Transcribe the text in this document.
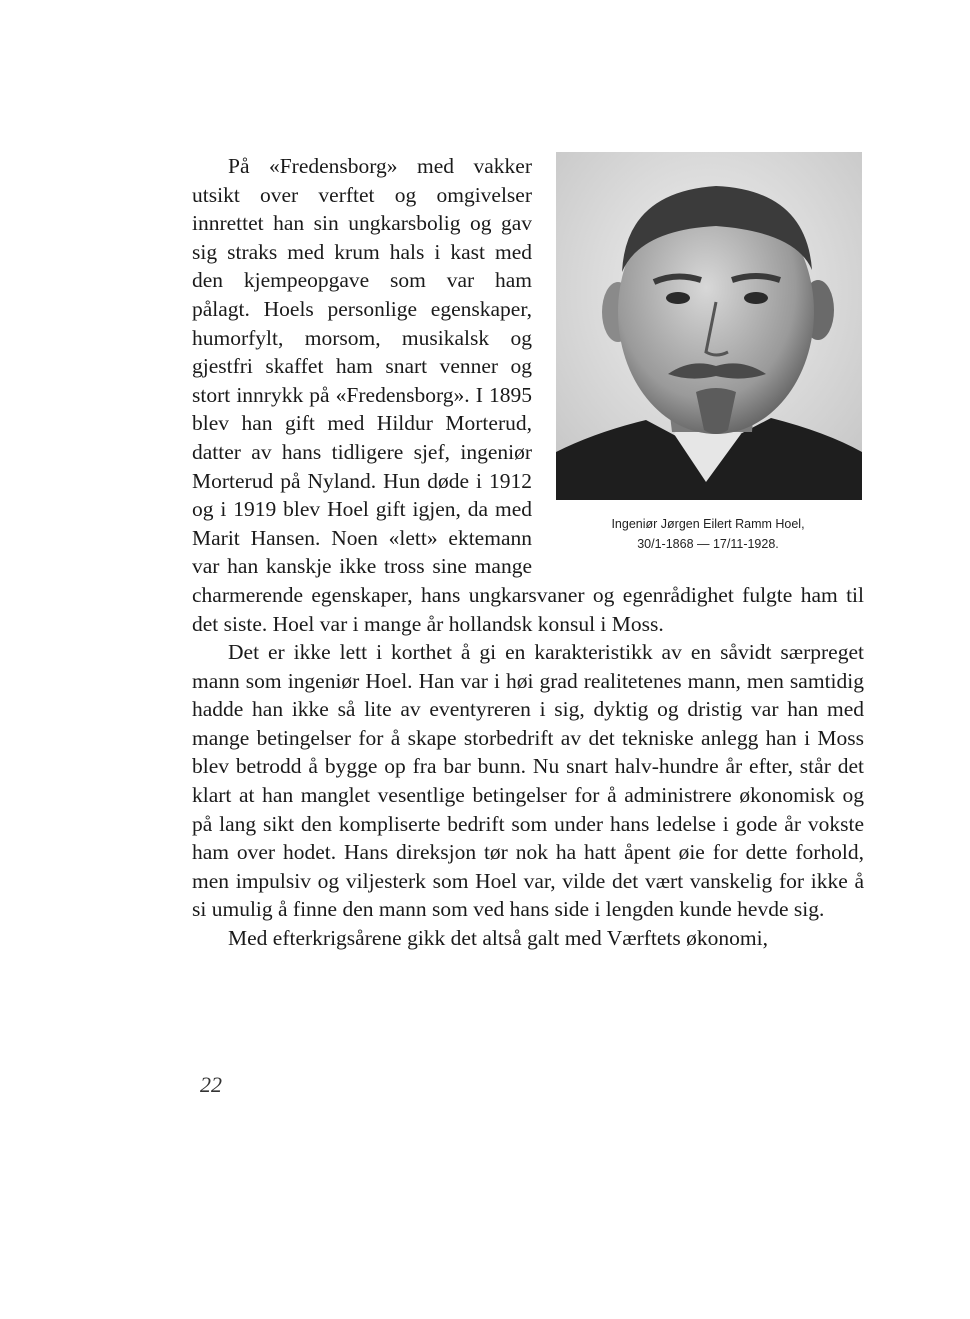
Ingeniør Jørgen Eilert Ramm Hoel,
30/1-1868 — 17/11-1928.

På «Fredensborg» med vakker utsikt over verftet og omgivelser innrettet han sin ungkarsbolig og gav sig straks med krum hals i kast med den kjempeopgave som var ham pålagt. Hoels personlige egenskaper, humorfylt, morsom, musikalsk og gjestfri skaffet ham snart venner og stort innrykk på «Fredensborg». I 1895 blev han gift med Hildur Morterud, datter av hans tidligere sjef, ingeniør Morterud på Nyland. Hun døde i 1912 og i 1919 blev Hoel gift igjen, da med Marit Hansen. Noen «lett» ektemann var han kanskje ikke tross sine mange charmerende egenskaper, hans ungkarsvaner og egenrådighet fulgte ham til det siste. Hoel var i mange år hollandsk konsul i Moss.

Det er ikke lett i korthet å gi en karakteristikk av en såvidt særpreget mann som ingeniør Hoel. Han var i høi grad realitetenes mann, men samtidig hadde han ikke så lite av eventyreren i sig, dyktig og dristig var han med mange betingelser for å skape storbedrift av det tekniske anlegg han i Moss blev betrodd å bygge op fra bar bunn. Nu snart halv-hundre år efter, står det klart at han manglet vesentlige betingelser for å administrere økonomisk og på lang sikt den kompliserte bedrift som under hans ledelse i gode år vokste ham over hodet. Hans direksjon tør nok ha hatt åpent øie for dette forhold, men impulsiv og viljesterk som Hoel var, vilde det vært vanskelig for ikke å si umulig å finne den mann som ved hans side i lengden kunde hevde sig.

Med efterkrigsårene gikk det altså galt med Værftets økonomi,

22
